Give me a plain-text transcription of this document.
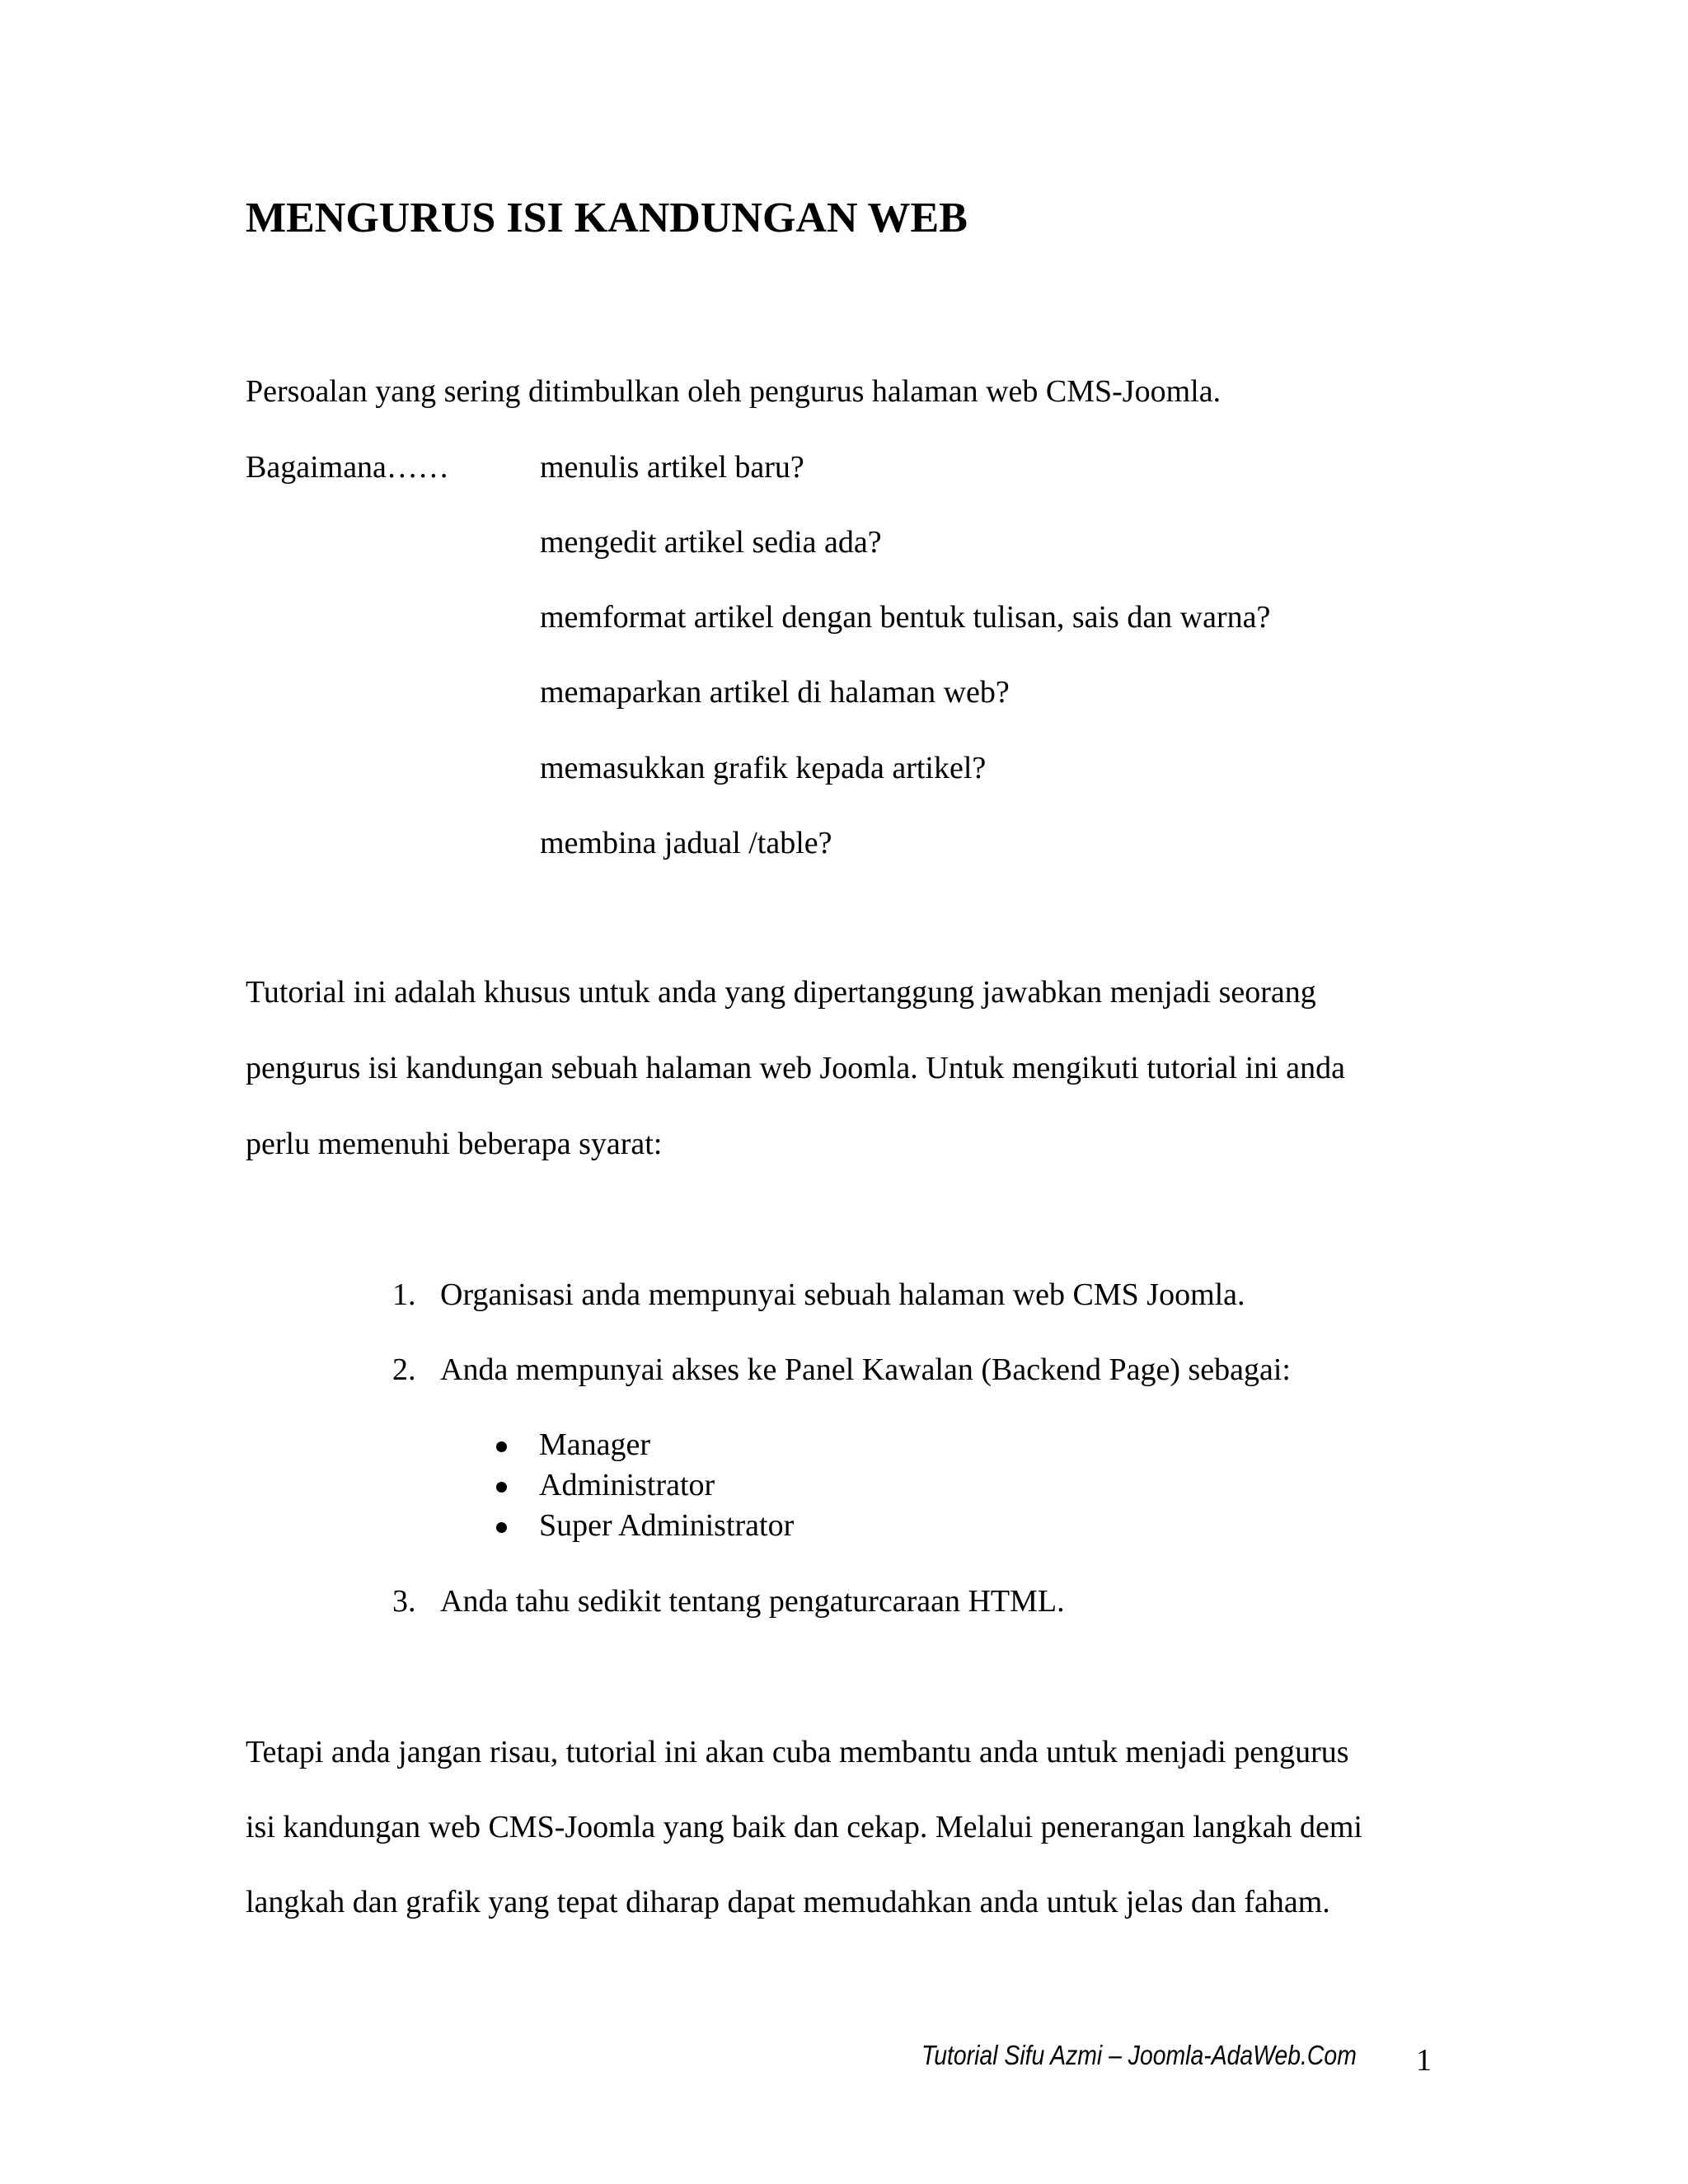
MENGURUS ISI KANDUNGAN WEB

Persoalan yang sering ditimbulkan oleh pengurus halaman web CMS-Joomla.

Bagaimana……	menulis artikel baru?

mengedit artikel sedia ada?

memformat artikel dengan bentuk tulisan, sais dan warna?

memaparkan artikel di halaman web?

memasukkan grafik kepada artikel?

membina jadual /table?

Tutorial ini adalah khusus untuk anda yang dipertanggung jawabkan menjadi seorang

pengurus isi kandungan sebuah halaman web Joomla. Untuk mengikuti tutorial ini anda

perlu memenuhi beberapa syarat:

1. Organisasi anda mempunyai sebuah halaman web CMS Joomla.
2. Anda mempunyai akses ke Panel Kawalan (Backend Page) sebagai:
Manager
Administrator
Super Administrator
3. Anda tahu sedikit tentang pengaturcaraan HTML.

Tetapi anda jangan risau, tutorial ini akan cuba membantu anda untuk menjadi pengurus

isi kandungan web CMS-Joomla yang baik dan cekap. Melalui penerangan langkah demi

langkah dan grafik yang tepat diharap dapat memudahkan anda untuk jelas dan faham.

Tutorial Sifu Azmi – Joomla-AdaWeb.Com 1
